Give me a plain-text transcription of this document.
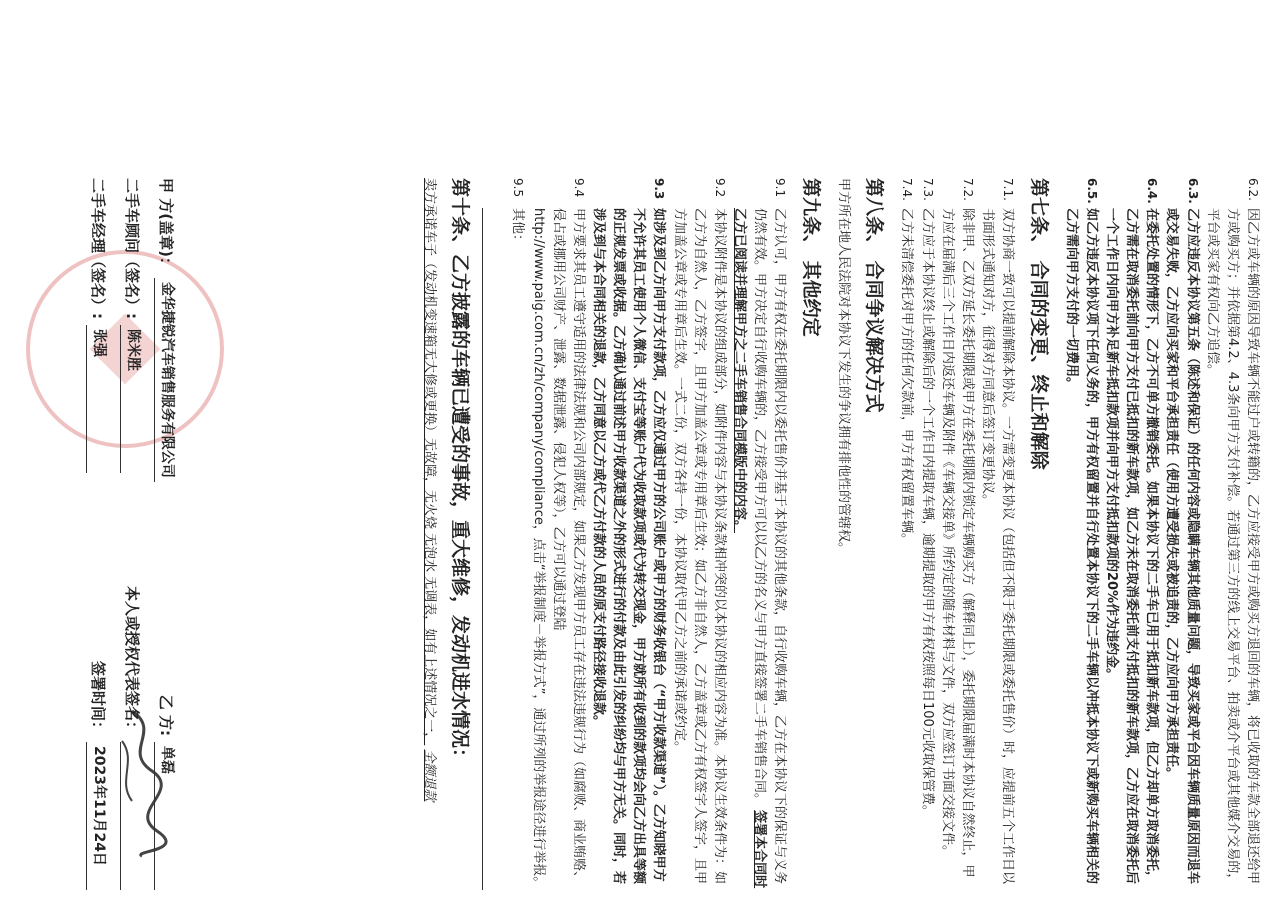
6.2.
因乙方或车辆的原因导致车辆不能过户或转籍的，乙方应接受甲方或购买方退回的车辆，将已收取的车款全部退还给甲方或购买方；并依据第4.2、4.3条向甲方支付补偿。若通过第三方的线上交易平台、拍卖或介平台或其他媒介交易的，平台或买家有权向乙方追偿。
6.3.
乙方应违反本协议第五条（陈述和保证）的任何内容或隐瞒车辆其他质量问题，导致买家或平台因车辆质量原因而退车或交易失败，乙方应向买家和平台承担责任（使用方遭受损失或被追责的，乙方应向甲方承担责任。
6.4.
在委托处置的情形下，乙方不可单方撤销委托。如果本协议下的二手车已用于抵扣新车款项，但乙方却单方取消委托，乙方需在取消委托前向甲方支付已抵扣的新车款项，如乙方未在取消委托前支付抵扣的新车款项，乙方应在取消委托后一个工作日内向甲方补足新车抵扣款项并向甲方支付抵扣款项的20%作为违约金。
6.5.
如乙方违反本协议项下任何义务的，甲方有权留置并自行处置本协议下的二手车辆以冲抵本协议下或新购买车辆相关的乙方需向甲方支付的一切费用。
第七条、 合同的变更、终止和解除
7.1.
双方协商一致可以提前解除本协议。一方需变更本协议（包括但不限于委托期限或委托售价）时，应提前五个工作日以书面形式通知对方，征得对方同意后签订变更协议。
7.2.
除非甲、乙双方延长委托期限或甲方在委托期限内锁定车辆购买方（解释同上），委托期限届满时本协议自然终止，甲方应在届满后三个工作日内返还车辆及附件《车辆交接单》所约定的随车材料与文件，双方应签订书面交接文件。
7.3.
乙方应于本协议终止或解除后的一个工作日内提取车辆，逾期提取的甲方有权按照每日100元收取保管费。
7.4.
乙方未清偿委托对甲方的任何欠款前，甲方有权留置车辆。
第八条、 合同争议解决方式

甲方所在地人民法院对本协议下发生的争议拥有排他性的管辖权。

第九条、 其他约定
9.1
乙方认可，甲方有权在委托期限内以委托售价并基于本协议的其他条款，自行收购车辆，乙方在本协议下的保证与义务仍然有效。甲方决定自行收购车辆的，乙方接受甲方可以以乙方的名义与甲方直接签署二手车销售合同。 签署本合同时乙方已阅读并理解甲方之二手车销售合同模版中的内容。
9.2
本协议附件是本协议的组成部分，如附件内容与本协议条款相冲突的以本协议的相应内容为准。本协议生效条件为：如乙方为自然人，乙方签字，且甲方加盖公章或专用章后生效；如乙方非自然人，乙方盖章或乙方有权签字人签字，且甲方加盖公章或专用章后生效。一式二份，双方各持一份，本协议取代甲乙方之前的承诺或约定。
9.3
如涉及到乙方向甲方支付款项，乙方应仅通过甲方的公司账户或甲方的财务收银台（“甲方收款渠道”）。乙方知晓甲方不允许其员工使用个人微信、支付宝等账户代为收取款项或代为转交现金，甲方就所有收到的款项均会向乙方出具等额的正规发票或收据。乙方确认通过前述甲方收款渠道之外的形式进行的付款及由此引发的纠纷均与甲方无关。同时，若涉及到与本合同相关的退款，乙方同意以乙方或代乙方付款的人员的原支付路径接收退款。
9.4
甲方要求其员工遵守适用的法律法规和公司内部规定，如果乙方发现甲方员工存在违法违规行为（如腐败、商业贿赂、侵占或挪用公司财产、泄露、数据泄露、侵犯人权等），乙方可以通过登陆http://www.paig.com.cn/zh/company/compliance，点击“举报制度－举报方式”，通过所列的举报途径进行举报。
9.5
其他：
第十条、乙方披露的车辆已遭受的事故，重大维修，发动机进水情况：

卖方承诺车子（发动机变速箱无大修或更换）无故障，无火烧 无泡水 无调表，如有上述情况之一， 全额退款

甲 方(盖章)：
金华捷锐汽车销售服务有限公司
乙 方:
单磊
二手车顾问（签名）:
陈米胜
本人或授权代表签名：
二手车经理（签名）:
张强
签署时间：
2023年11月24日
